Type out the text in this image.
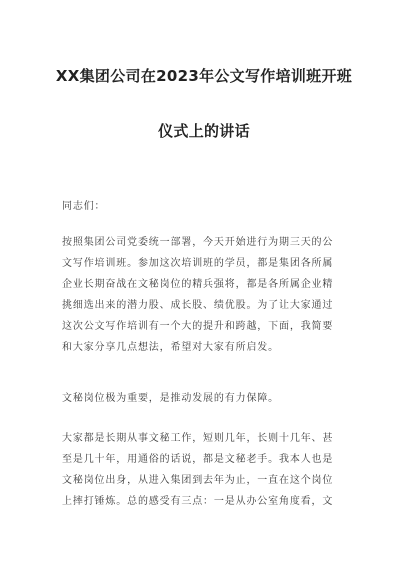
XX集团公司在2023年公文写作培训班开班
仪式上的讲话
同志们：
按照集团公司党委统一部署，今天开始进行为期三天的公
文写作培训班。参加这次培训班的学员，都是集团各所属
企业长期奋战在文秘岗位的精兵强将，都是各所属企业精
挑细选出来的潜力股、成长股、绩优股。为了让大家通过
这次公文写作培训有一个大的提升和跨越，下面，我简要
和大家分享几点想法，希望对大家有所启发。
文秘岗位极为重要，是推动发展的有力保障。
大家都是长期从事文秘工作，短则几年，长则十几年、甚
至是几十年，用通俗的话说，都是文秘老手。我本人也是
文秘岗位出身，从进入集团到去年为止，一直在这个岗位
上摔打锤炼。总的感受有三点：一是从办公室角度看，文
